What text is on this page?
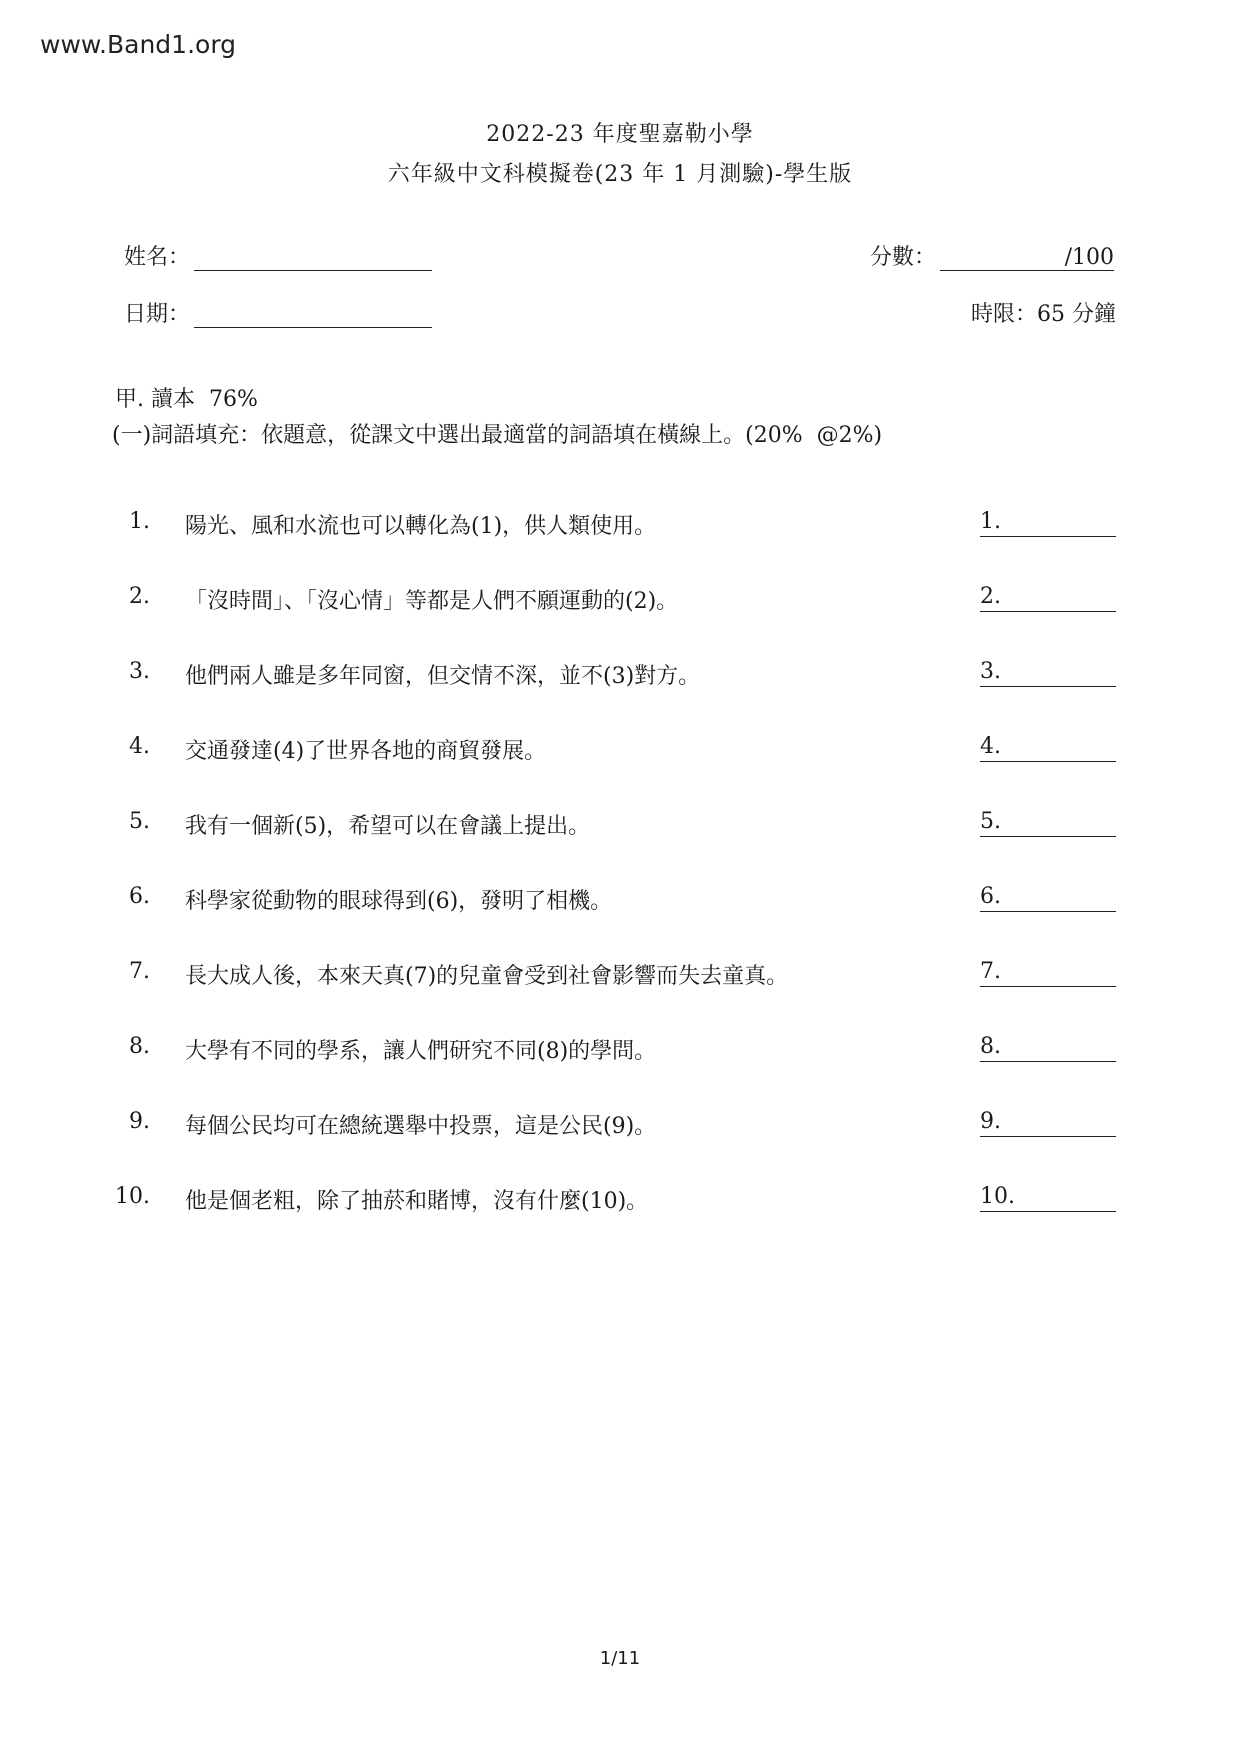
www.Band1.org
2022-23 年度聖嘉勒小學
六年級中文科模擬卷(23 年 1 月測驗)-學生版
姓名：
日期：
分數：	/100
時限：65 分鐘
甲. 讀本  76%
(一)詞語填充：依題意，從課文中選出最適當的詞語填在橫線上。(20%  @2%)
1. 陽光、風和水流也可以轉化為(1)，供人類使用。	1.
2. 「沒時間」、「沒心情」等都是人們不願運動的(2)。	2.
3. 他們兩人雖是多年同窗，但交情不深，並不(3)對方。	3.
4. 交通發達(4)了世界各地的商貿發展。	4.
5. 我有一個新(5)，希望可以在會議上提出。	5.
6. 科學家從動物的眼球得到(6)，發明了相機。	6.
7. 長大成人後，本來天真(7)的兒童會受到社會影響而失去童真。	7.
8. 大學有不同的學系，讓人們研究不同(8)的學問。	8.
9. 每個公民均可在總統選舉中投票，這是公民(9)。	9.
10. 他是個老粗，除了抽菸和賭博，沒有什麼(10)。	10.
1/11
